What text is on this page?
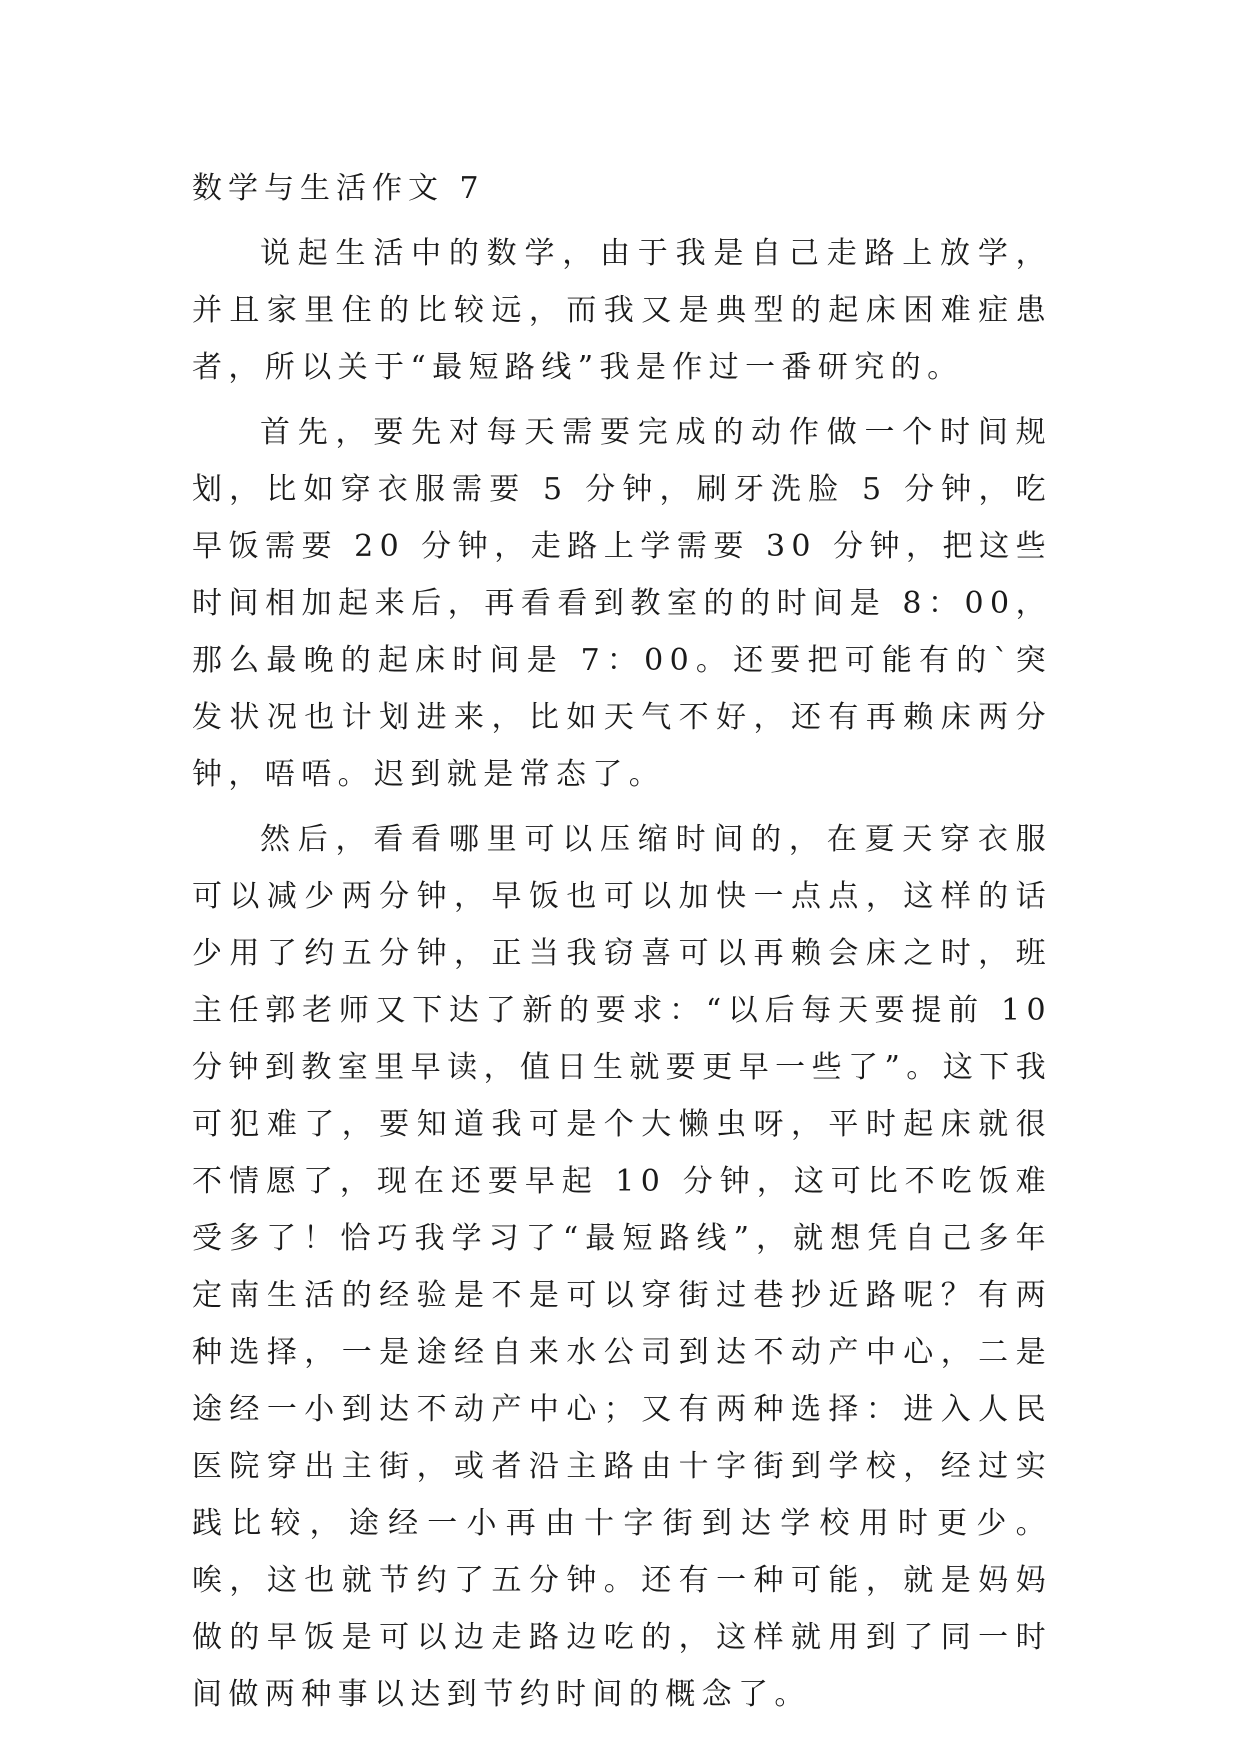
数学与生活作文 7

说起生活中的数学，由于我是自己走路上放学，并且家里住的比较远，而我又是典型的起床困难症患者，所以关于“最短路线”我是作过一番研究的。

首先，要先对每天需要完成的动作做一个时间规划，比如穿衣服需要 5 分钟，刷牙洗脸 5 分钟，吃早饭需要 20 分钟，走路上学需要 30 分钟，把这些时间相加起来后，再看看到教室的的时间是 8：00，那么最晚的起床时间是 7：00。还要把可能有的`突发状况也计划进来，比如天气不好，还有再赖床两分钟，唔唔。迟到就是常态了。

然后，看看哪里可以压缩时间的，在夏天穿衣服可以减少两分钟，早饭也可以加快一点点，这样的话少用了约五分钟，正当我窃喜可以再赖会床之时，班主任郭老师又下达了新的要求：“以后每天要提前 10 分钟到教室里早读，值日生就要更早一些了”。这下我可犯难了，要知道我可是个大懒虫呀，平时起床就很不情愿了，现在还要早起 10 分钟，这可比不吃饭难受多了！恰巧我学习了“最短路线”，就想凭自己多年定南生活的经验是不是可以穿街过巷抄近路呢？有两种选择，一是途经自来水公司到达不动产中心，二是途经一小到达不动产中心；又有两种选择：进入人民医院穿出主街，或者沿主路由十字街到学校，经过实践比较，途经一小再由十字街到达学校用时更少。唉，这也就节约了五分钟。还有一种可能，就是妈妈做的早饭是可以边走路边吃的，这样就用到了同一时间做两种事以达到节约时间的概念了。
